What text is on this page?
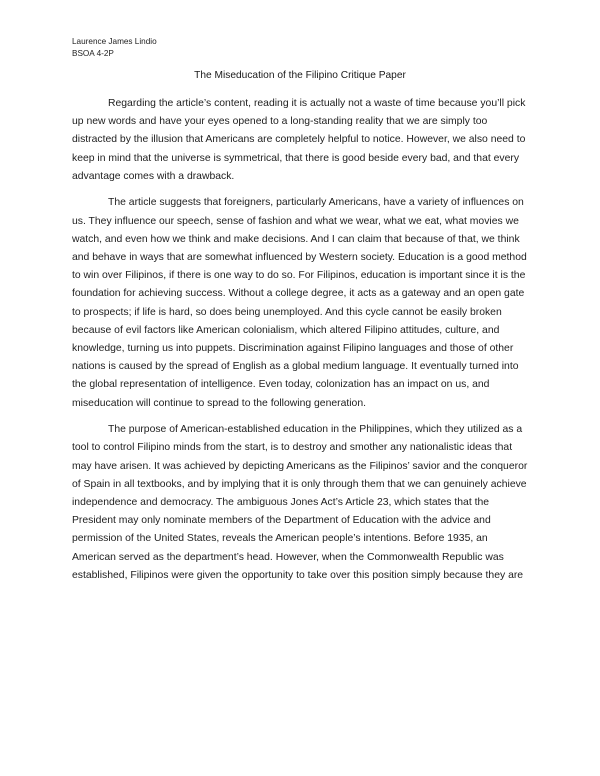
Laurence James Lindio
BSOA 4-2P
The Miseducation of the Filipino Critique Paper

Regarding the article’s content, reading it is actually not a waste of time because you’ll pick up new words and have your eyes opened to a long-standing reality that we are simply too distracted by the illusion that Americans are completely helpful to notice. However, we also need to keep in mind that the universe is symmetrical, that there is good beside every bad, and that every advantage comes with a drawback.

The article suggests that foreigners, particularly Americans, have a variety of influences on us. They influence our speech, sense of fashion and what we wear, what we eat, what movies we watch, and even how we think and make decisions. And I can claim that because of that, we think and behave in ways that are somewhat influenced by Western society. Education is a good method to win over Filipinos, if there is one way to do so. For Filipinos, education is important since it is the foundation for achieving success. Without a college degree, it acts as a gateway and an open gate to prospects; if life is hard, so does being unemployed. And this cycle cannot be easily broken because of evil factors like American colonialism, which altered Filipino attitudes, culture, and knowledge, turning us into puppets. Discrimination against Filipino languages and those of other nations is caused by the spread of English as a global medium language. It eventually turned into the global representation of intelligence. Even today, colonization has an impact on us, and miseducation will continue to spread to the following generation.

The purpose of American-established education in the Philippines, which they utilized as a tool to control Filipino minds from the start, is to destroy and smother any nationalistic ideas that may have arisen. It was achieved by depicting Americans as the Filipinos’ savior and the conqueror of Spain in all textbooks, and by implying that it is only through them that we can genuinely achieve independence and democracy. The ambiguous Jones Act’s Article 23, which states that the President may only nominate members of the Department of Education with the advice and permission of the United States, reveals the American people’s intentions. Before 1935, an American served as the department’s head. However, when the Commonwealth Republic was established, Filipinos were given the opportunity to take over this position simply because they are
